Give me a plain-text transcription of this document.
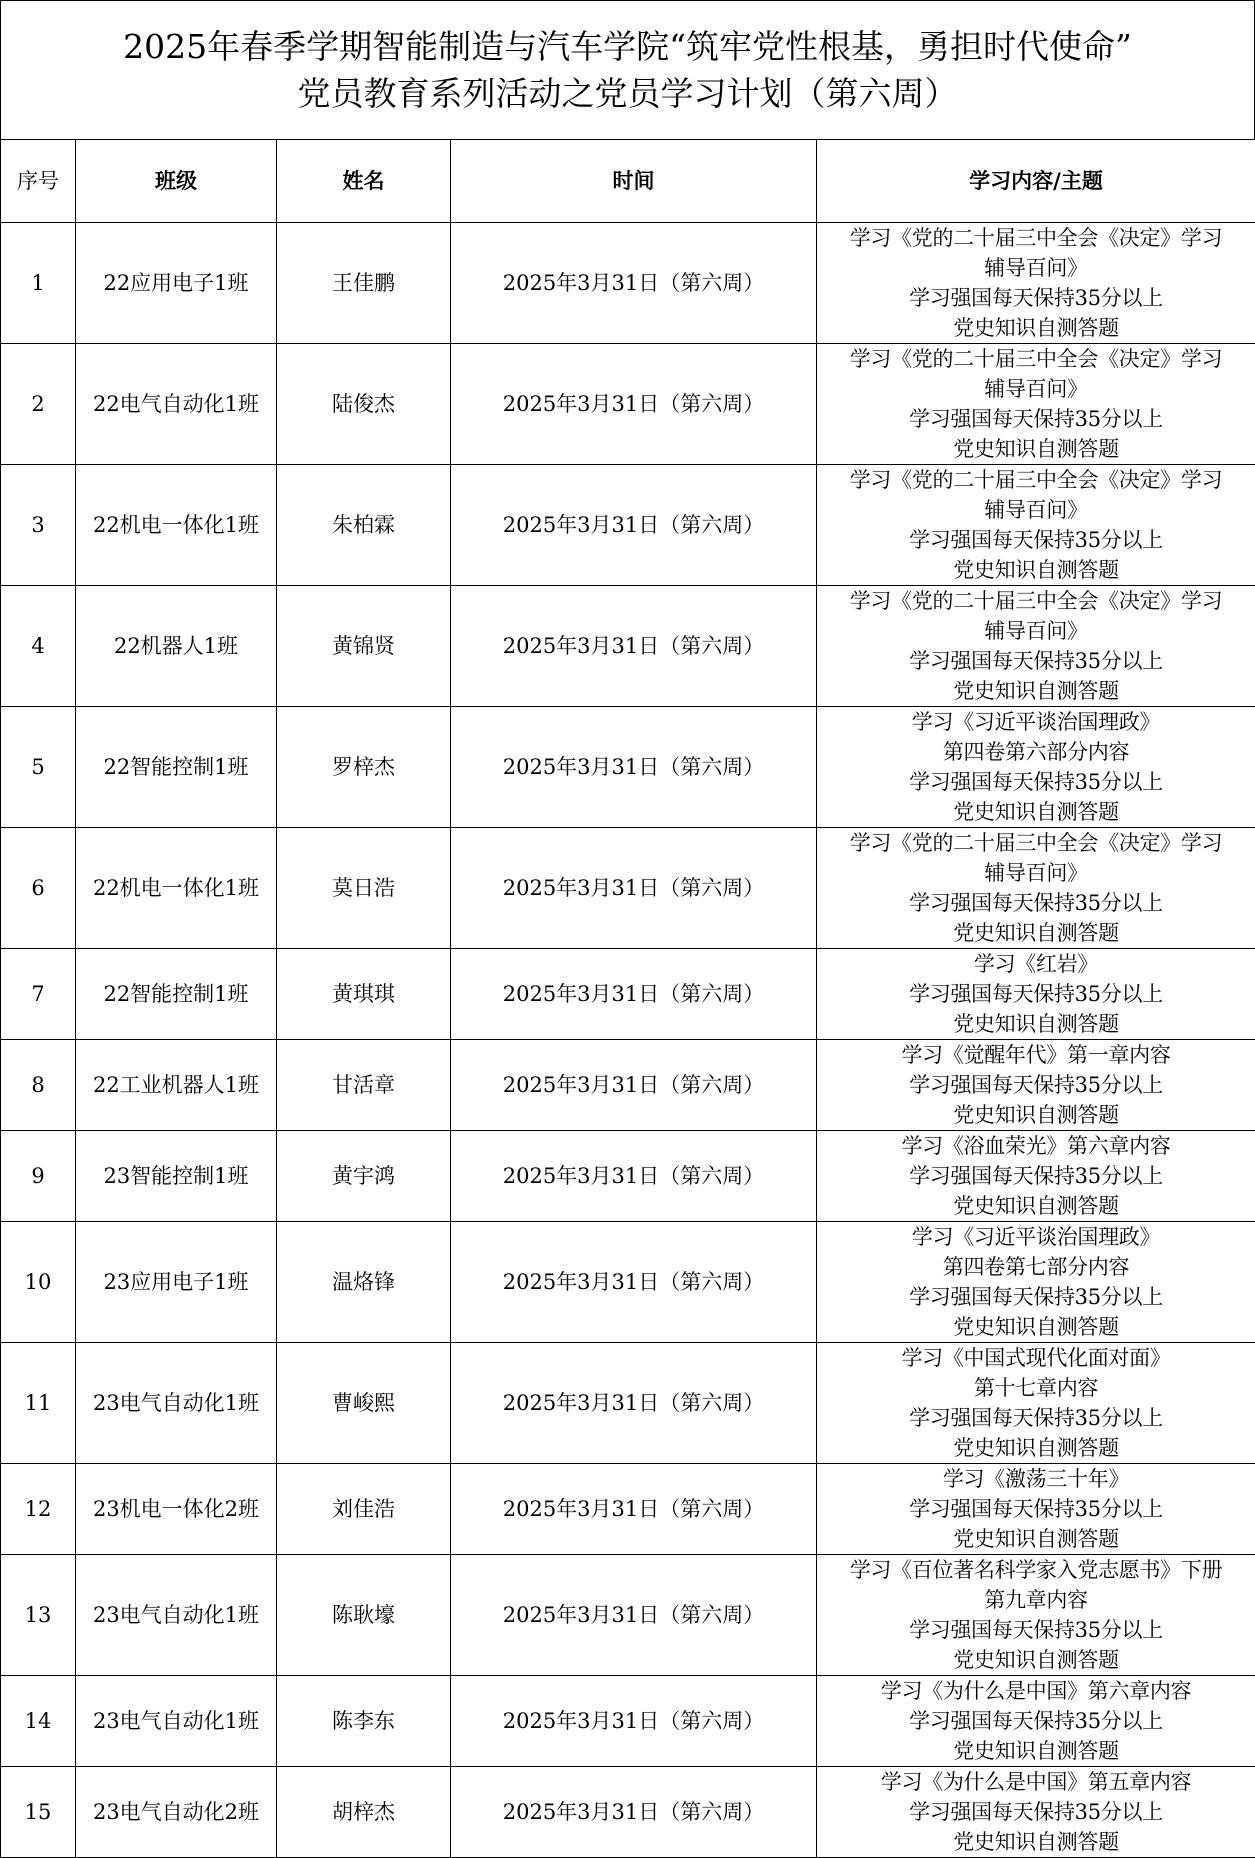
2025年春季学期智能制造与汽车学院“筑牢党性根基，勇担时代使命”
党员教育系列活动之党员学习计划（第六周）
序号	班级	姓名	时间	学习内容/主题
1	22应用电子1班	王佳鹏	2025年3月31日（第六周）	学习《党的二十届三中全会《决定》学习
辅导百问》
学习强国每天保持35分以上
党史知识自测答题

2	22电气自动化1班	陆俊杰	2025年3月31日（第六周）	学习《党的二十届三中全会《决定》学习
辅导百问》
学习强国每天保持35分以上
党史知识自测答题

3	22机电一体化1班	朱柏霖	2025年3月31日（第六周）	学习《党的二十届三中全会《决定》学习
辅导百问》
学习强国每天保持35分以上
党史知识自测答题

4	22机器人1班	黄锦贤	2025年3月31日（第六周）	学习《党的二十届三中全会《决定》学习
辅导百问》
学习强国每天保持35分以上
党史知识自测答题

5	22智能控制1班	罗梓杰	2025年3月31日（第六周）	学习《习近平谈治国理政》
第四卷第六部分内容
学习强国每天保持35分以上
党史知识自测答题

6	22机电一体化1班	莫日浩	2025年3月31日（第六周）	学习《党的二十届三中全会《决定》学习
辅导百问》
学习强国每天保持35分以上
党史知识自测答题

7	22智能控制1班	黄琪琪	2025年3月31日（第六周）	学习《红岩》
学习强国每天保持35分以上
党史知识自测答题

8	22工业机器人1班	甘活章	2025年3月31日（第六周）	学习《觉醒年代》第一章内容
学习强国每天保持35分以上
党史知识自测答题

9	23智能控制1班	黄宇鸿	2025年3月31日（第六周）	学习《浴血荣光》第六章内容
学习强国每天保持35分以上
党史知识自测答题

10	23应用电子1班	温烙锋	2025年3月31日（第六周）	学习《习近平谈治国理政》
第四卷第七部分内容
学习强国每天保持35分以上
党史知识自测答题

11	23电气自动化1班	曹峻熙	2025年3月31日（第六周）	学习《中国式现代化面对面》
第十七章内容
学习强国每天保持35分以上
党史知识自测答题

12	23机电一体化2班	刘佳浩	2025年3月31日（第六周）	学习《激荡三十年》
学习强国每天保持35分以上
党史知识自测答题

13	23电气自动化1班	陈耿壕	2025年3月31日（第六周）	学习《百位著名科学家入党志愿书》下册
第九章内容
学习强国每天保持35分以上
党史知识自测答题

14	23电气自动化1班	陈李东	2025年3月31日（第六周）	学习《为什么是中国》第六章内容
学习强国每天保持35分以上
党史知识自测答题

15	23电气自动化2班	胡梓杰	2025年3月31日（第六周）	学习《为什么是中国》第五章内容
学习强国每天保持35分以上
党史知识自测答题
